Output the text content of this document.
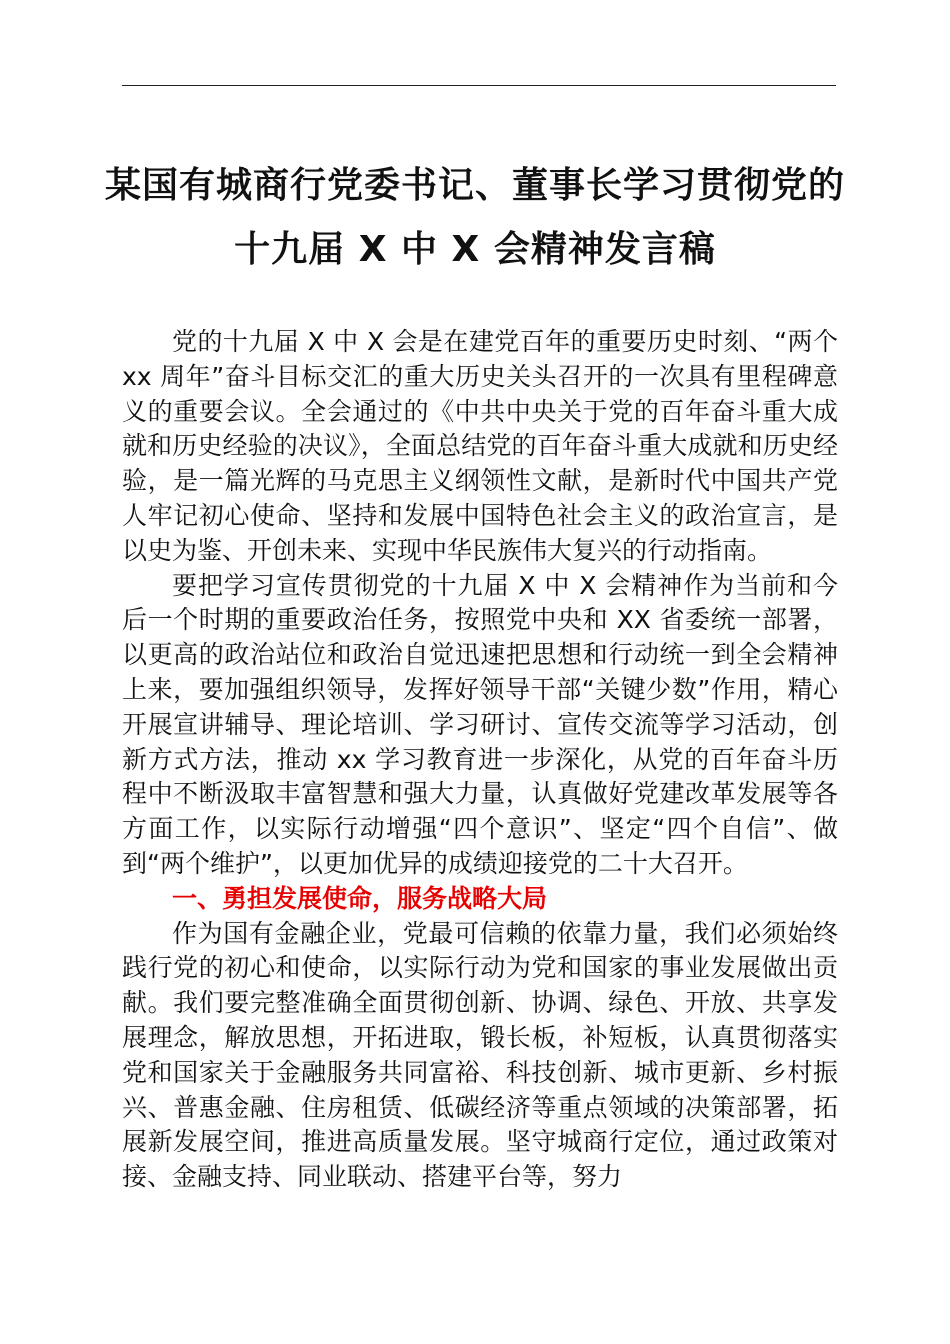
某国有城商行党委书记、董事长学习贯彻党的
十九届 X 中 X 会精神发言稿

党的十九届 X 中 X 会是在建党百年的重要历史时刻、“两个 xx 周年”奋斗目标交汇的重大历史关头召开的一次具有里程碑意义的重要会议。全会通过的《中共中央关于党的百年奋斗重大成就和历史经验的决议》，全面总结党的百年奋斗重大成就和历史经验，是一篇光辉的马克思主义纲领性文献，是新时代中国共产党人牢记初心使命、坚持和发展中国特色社会主义的政治宣言，是以史为鉴、开创未来、实现中华民族伟大复兴的行动指南。

要把学习宣传贯彻党的十九届 X 中 X 会精神作为当前和今后一个时期的重要政治任务，按照党中央和 XX 省委统一部署，以更高的政治站位和政治自觉迅速把思想和行动统一到全会精神上来，要加强组织领导，发挥好领导干部“关键少数”作用，精心开展宣讲辅导、理论培训、学习研讨、宣传交流等学习活动，创新方式方法，推动 xx 学习教育进一步深化，从党的百年奋斗历程中不断汲取丰富智慧和强大力量，认真做好党建改革发展等各方面工作，以实际行动增强“四个意识”、坚定“四个自信”、做到“两个维护”，以更加优异的成绩迎接党的二十大召开。

一、勇担发展使命，服务战略大局

作为国有金融企业，党最可信赖的依靠力量，我们必须始终践行党的初心和使命，以实际行动为党和国家的事业发展做出贡献。我们要完整准确全面贯彻创新、协调、绿色、开放、共享发展理念，解放思想，开拓进取，锻长板，补短板，认真贯彻落实党和国家关于金融服务共同富裕、科技创新、城市更新、乡村振兴、普惠金融、住房租赁、低碳经济等重点领域的决策部署，拓展新发展空间，推进高质量发展。坚守城商行定位，通过政策对接、金融支持、同业联动、搭建平台等，努力
